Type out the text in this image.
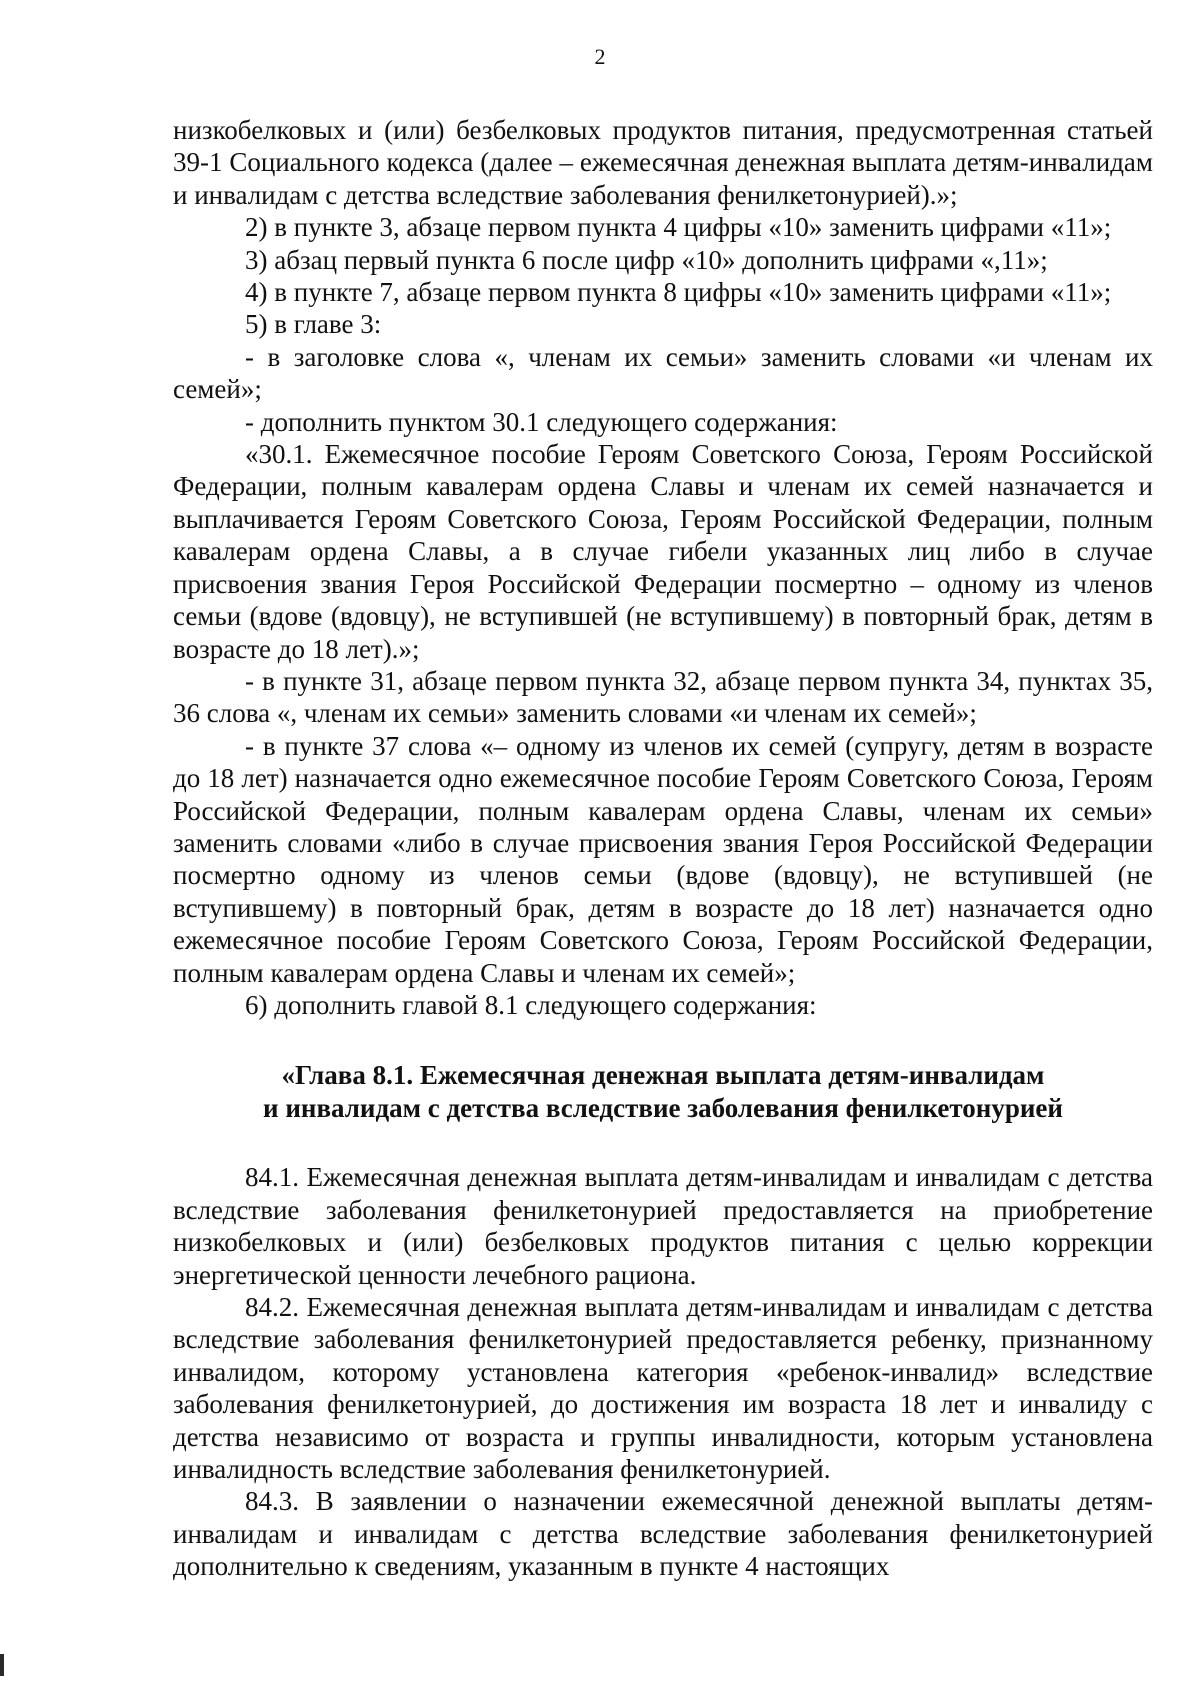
2

низкобелковых и (или) безбелковых продуктов питания, предусмотренная статьей 39-1 Социального кодекса (далее – ежемесячная денежная выплата детям-инвалидам и инвалидам с детства вследствие заболевания фенилкетонурией).»;

2) в пункте 3, абзаце первом пункта 4 цифры «10» заменить цифрами «11»;

3) абзац первый пункта 6 после цифр «10» дополнить цифрами «,11»;

4) в пункте 7, абзаце первом пункта 8 цифры «10» заменить цифрами «11»;

5) в главе 3:

- в заголовке слова «, членам их семьи» заменить словами «и членам их семей»;

- дополнить пунктом 30.1 следующего содержания:

«30.1. Ежемесячное пособие Героям Советского Союза, Героям Российской Федерации, полным кавалерам ордена Славы и членам их семей назначается и выплачивается Героям Советского Союза, Героям Российской Федерации, полным кавалерам ордена Славы, а в случае гибели указанных лиц либо в случае присвоения звания Героя Российской Федерации посмертно – одному из членов семьи (вдове (вдовцу), не вступившей (не вступившему) в повторный брак, детям в возрасте до 18 лет).»;

- в пункте 31, абзаце первом пункта 32, абзаце первом пункта 34, пунктах 35, 36 слова «, членам их семьи» заменить словами «и членам их семей»;

- в пункте 37 слова «– одному из членов их семей (супругу, детям в возрасте до 18 лет) назначается одно ежемесячное пособие Героям Советского Союза, Героям Российской Федерации, полным кавалерам ордена Славы, членам их семьи» заменить словами «либо в случае присвоения звания Героя Российской Федерации посмертно одному из членов семьи (вдове (вдовцу), не вступившей (не вступившему) в повторный брак, детям в возрасте до 18 лет) назначается одно ежемесячное пособие Героям Советского Союза, Героям Российской Федерации, полным кавалерам ордена Славы и членам их семей»;

6) дополнить главой 8.1 следующего содержания:

«Глава 8.1. Ежемесячная денежная выплата детям-инвалидам
и инвалидам с детства вследствие заболевания фенилкетонурией

84.1. Ежемесячная денежная выплата детям-инвалидам и инвалидам с детства вследствие заболевания фенилкетонурией предоставляется на приобретение низкобелковых и (или) безбелковых продуктов питания с целью коррекции энергетической ценности лечебного рациона.

84.2. Ежемесячная денежная выплата детям-инвалидам и инвалидам с детства вследствие заболевания фенилкетонурией предоставляется ребенку, признанному инвалидом, которому установлена категория «ребенок-инвалид» вследствие заболевания фенилкетонурией, до достижения им возраста 18 лет и инвалиду с детства независимо от возраста и группы инвалидности, которым установлена инвалидность вследствие заболевания фенилкетонурией.

84.3. В заявлении о назначении ежемесячной денежной выплаты детям-инвалидам и инвалидам с детства вследствие заболевания фенилкетонурией дополнительно к сведениям, указанным в пункте 4 настоящих
